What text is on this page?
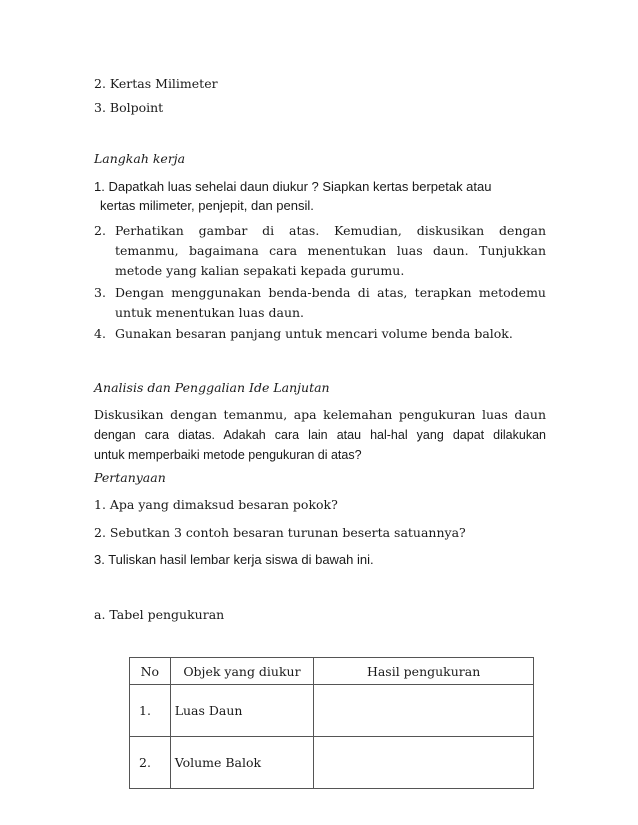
2. Kertas Milimeter
3. Bolpoint
Langkah kerja
1. Dapatkah luas sehelai daun diukur ? Siapkan kertas berpetak atau
kertas milimeter, penjepit, dan pensil.
2. Perhatikan gambar di atas. Kemudian, diskusikan dengan temanmu, bagaimana cara menentukan luas daun. Tunjukkan metode yang kalian sepakati kepada gurumu.
3. Dengan menggunakan benda-benda di atas, terapkan metodemu untuk menentukan luas daun.
4. Gunakan besaran panjang untuk mencari volume benda balok.
Analisis dan Penggalian Ide Lanjutan
Diskusikan dengan temanmu, apa kelemahan pengukuran luas daun
dengan cara diatas. Adakah cara lain atau hal-hal yang dapat dilakukan
untuk memperbaiki metode pengukuran di atas?
Pertanyaan
1. Apa yang dimaksud besaran pokok?
2. Sebutkan 3 contoh besaran turunan beserta satuannya?
3. Tuliskan hasil lembar kerja siswa di bawah ini.
a. Tabel pengukuran
No	Objek yang diukur	Hasil pengukuran
1.	Luas Daun	
2.	Volume Balok	
